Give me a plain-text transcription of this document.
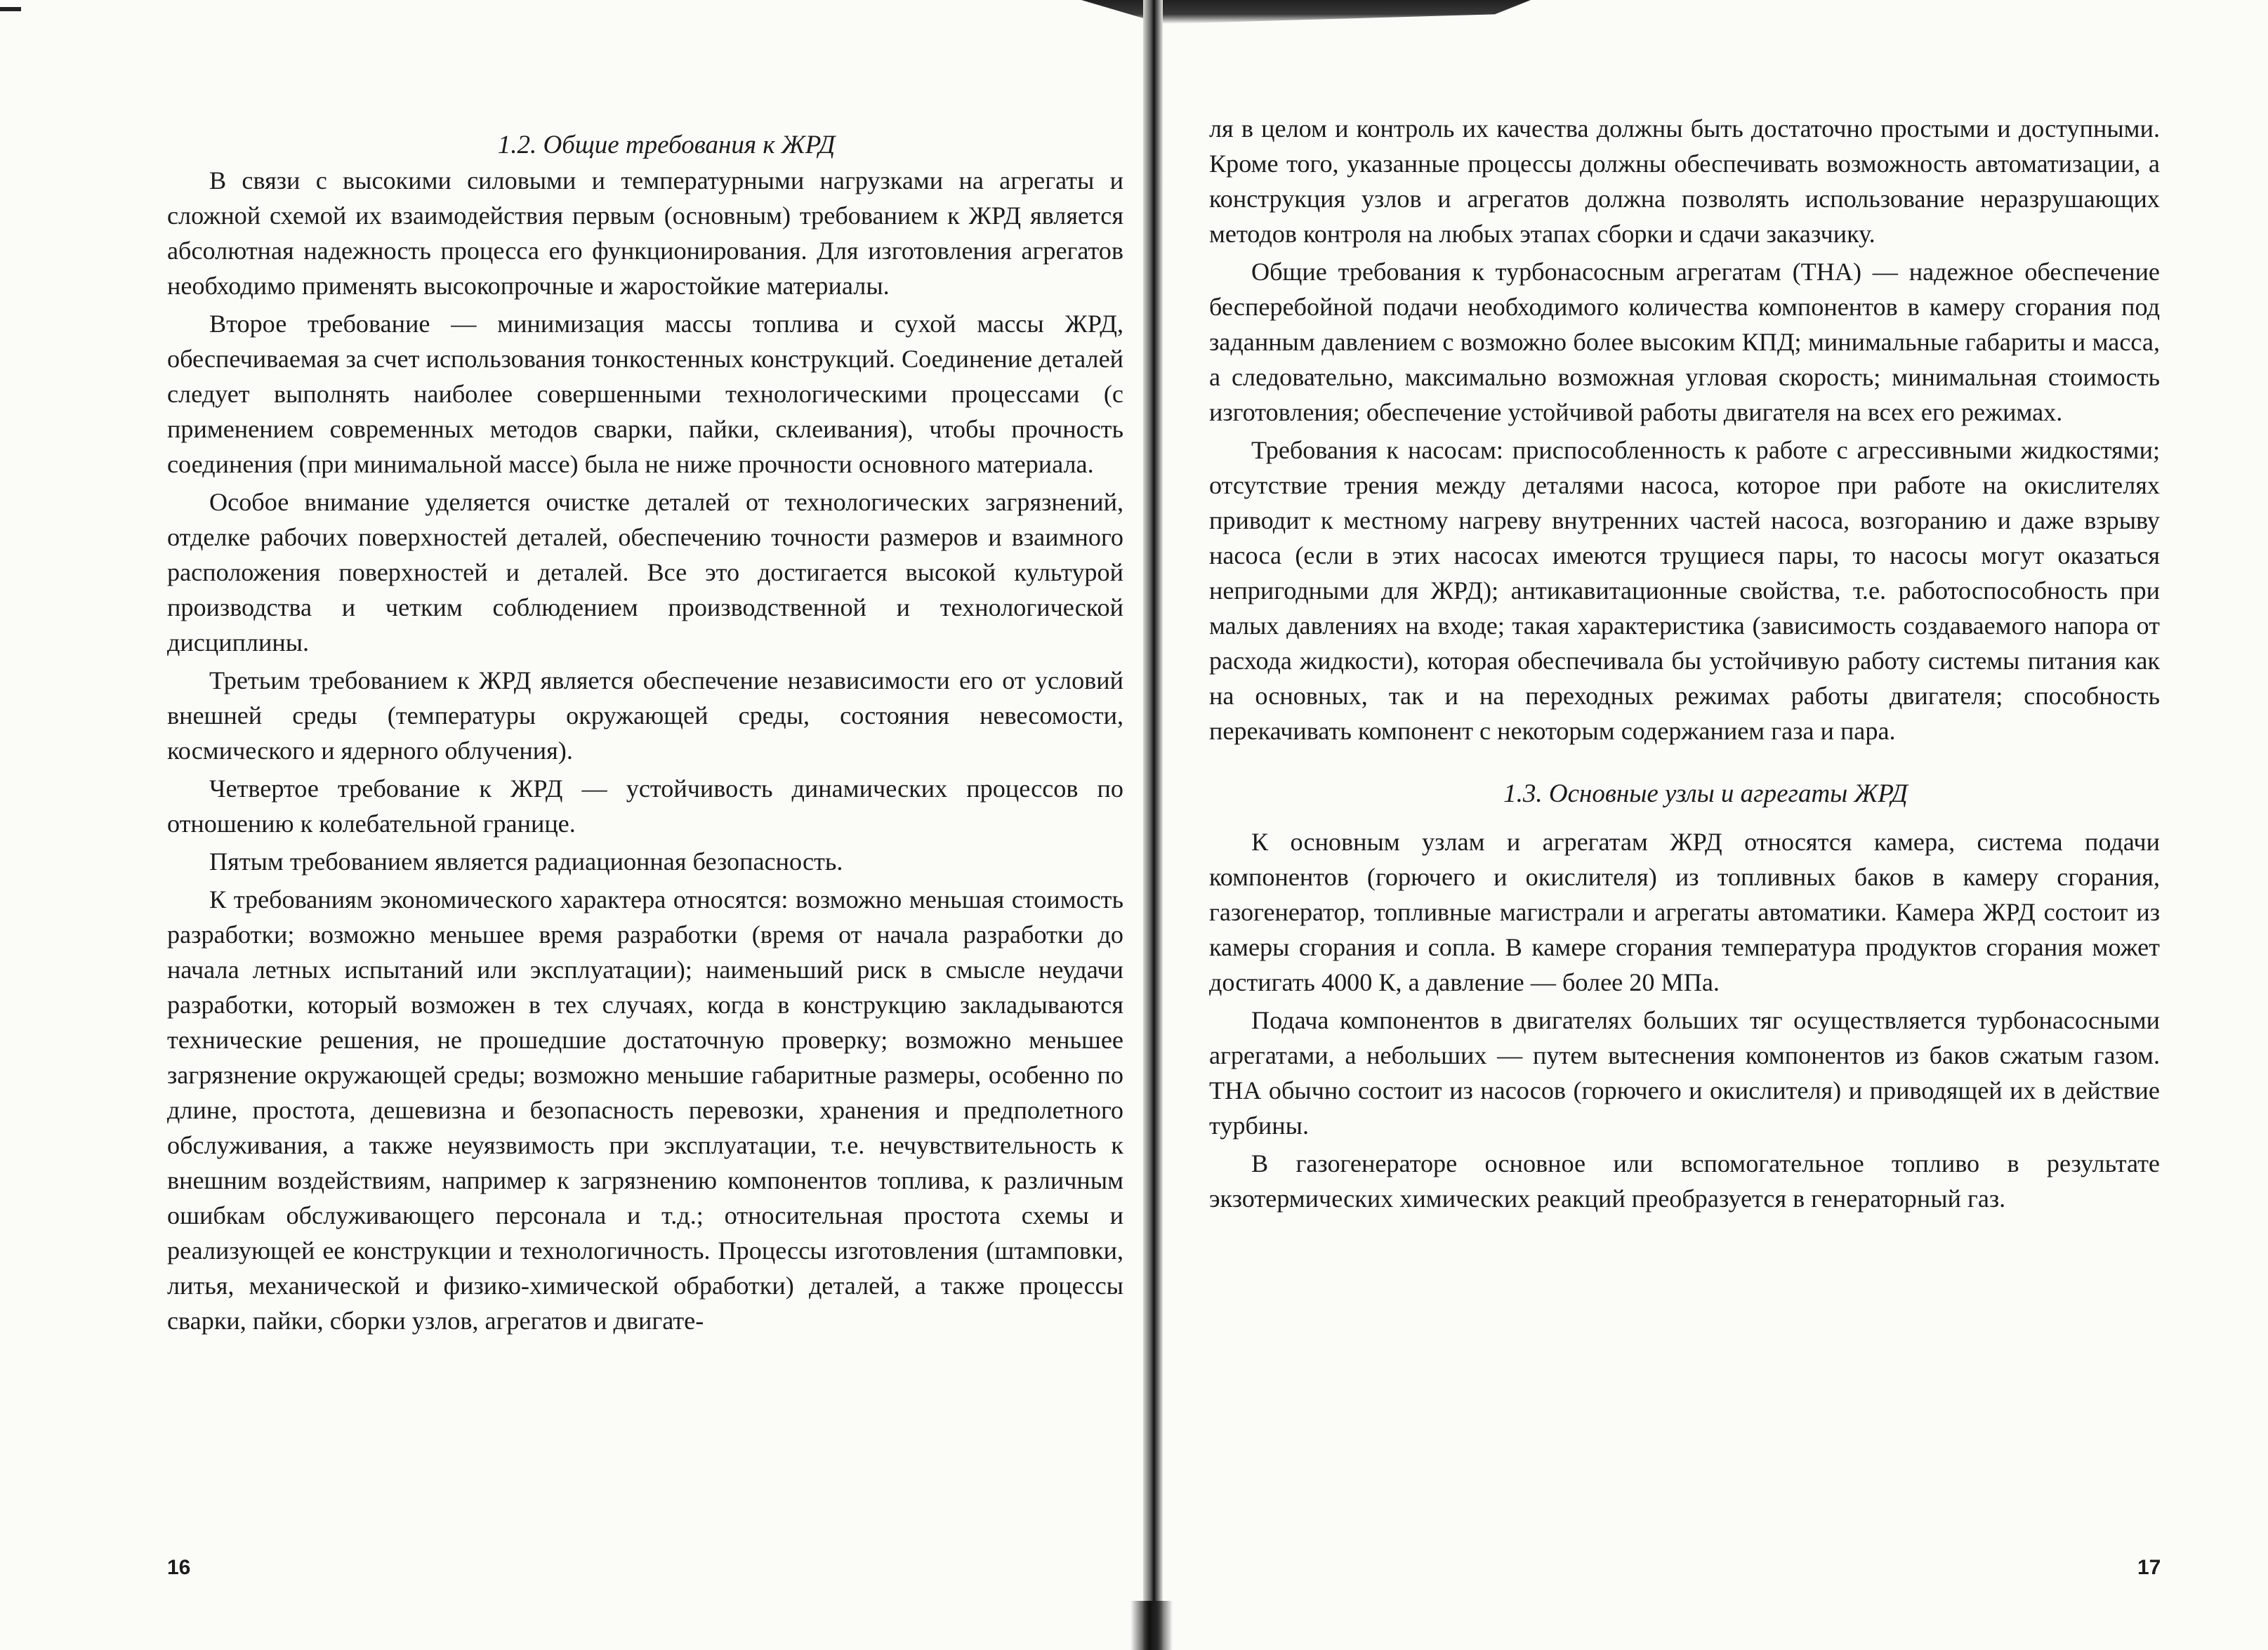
1.2. Общие требования к ЖРД

В связи с высокими силовыми и температурными нагрузками на агрегаты и сложной схемой их взаимодействия первым (основным) требованием к ЖРД является абсолютная надежность процесса его функционирования. Для изготовления агрегатов необходимо применять высокопрочные и жаростойкие материалы.

Второе требование — минимизация массы топлива и сухой массы ЖРД, обеспечиваемая за счет использования тонкостенных конструкций. Соединение деталей следует выполнять наиболее совершенными технологическими процессами (с применением современных методов сварки, пайки, склеивания), чтобы прочность соединения (при минимальной массе) была не ниже прочности основного материала.

Особое внимание уделяется очистке деталей от технологических загрязнений, отделке рабочих поверхностей деталей, обеспечению точности размеров и взаимного расположения поверхностей и деталей. Все это достигается высокой культурой производства и четким соблюдением производственной и технологической дисциплины.

Третьим требованием к ЖРД является обеспечение независимости его от условий внешней среды (температуры окружающей среды, состояния невесомости, космического и ядерного облучения).

Четвертое требование к ЖРД — устойчивость динамических процессов по отношению к колебательной границе.

Пятым требованием является радиационная безопасность.

К требованиям экономического характера относятся: возможно меньшая стоимость разработки; возможно меньшее время разработки (время от начала разработки до начала летных испытаний или эксплуатации); наименьший риск в смысле неудачи разработки, который возможен в тех случаях, когда в конструкцию закладываются технические решения, не прошедшие достаточную проверку; возможно меньшее загрязнение окружающей среды; возможно меньшие габаритные размеры, особенно по длине, простота, дешевизна и безопасность перевозки, хранения и предполетного обслуживания, а также неуязвимость при эксплуатации, т.е. нечувствительность к внешним воздействиям, например к загрязнению компонентов топлива, к различным ошибкам обслуживающего персонала и т.д.; относительная простота схемы и реализующей ее конструкции и технологичность. Процессы изготовления (штамповки, литья, механической и физико-химической обработки) деталей, а также процессы сварки, пайки, сборки узлов, агрегатов и двигате-

16

ля в целом и контроль их качества должны быть достаточно простыми и доступными. Кроме того, указанные процессы должны обеспечивать возможность автоматизации, а конструкция узлов и агрегатов должна позволять использование неразрушающих методов контроля на любых этапах сборки и сдачи заказчику.

Общие требования к турбонасосным агрегатам (ТНА) — надежное обеспечение бесперебойной подачи необходимого количества компонентов в камеру сгорания под заданным давлением с возможно более высоким КПД; минимальные габариты и масса, а следовательно, максимально возможная угловая скорость; минимальная стоимость изготовления; обеспечение устойчивой работы двигателя на всех его режимах.

Требования к насосам: приспособленность к работе с агрессивными жидкостями; отсутствие трения между деталями насоса, которое при работе на окислителях приводит к местному нагреву внутренних частей насоса, возгоранию и даже взрыву насоса (если в этих насосах имеются трущиеся пары, то насосы могут оказаться непригодными для ЖРД); антикавитационные свойства, т.е. работоспособность при малых давлениях на входе; такая характеристика (зависимость создаваемого напора от расхода жидкости), которая обеспечивала бы устойчивую работу системы питания как на основных, так и на переходных режимах работы двигателя; способность перекачивать компонент с некоторым содержанием газа и пара.

1.3. Основные узлы и агрегаты ЖРД

К основным узлам и агрегатам ЖРД относятся камера, система подачи компонентов (горючего и окислителя) из топливных баков в камеру сгорания, газогенератор, топливные магистрали и агрегаты автоматики. Камера ЖРД состоит из камеры сгорания и сопла. В камере сгорания температура продуктов сгорания может достигать 4000 К, а давление — более 20 МПа.

Подача компонентов в двигателях больших тяг осуществляется турбонасосными агрегатами, а небольших — путем вытеснения компонентов из баков сжатым газом. ТНА обычно состоит из насосов (горючего и окислителя) и приводящей их в действие турбины.

В газогенераторе основное или вспомогательное топливо в результате экзотермических химических реакций преобразуется в генераторный газ.

17
